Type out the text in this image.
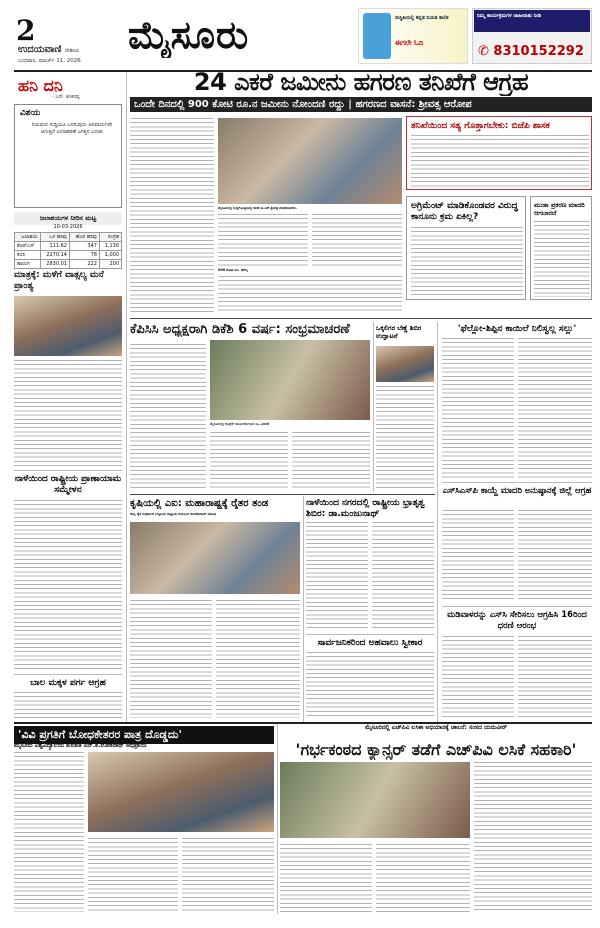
2
ಉದಯವಾಣಿ ದೇಶೀಯ
ಬುಧವಾರ, ಮಾರ್ಚ್ 11, 2026
ಮೈಸೂರು	ಸುಸ್ಥಿತಿಯಲ್ಲಿ ಕನ್ನಡ ನಿಯತ ಕಾಲಿಕ
ಈಗಲೇ ಓದಿ
ನಿಮ್ಮ ಕಾರ್ಯಕ್ರಮಗಳ ಜಾಹೀರಾತು ನೀಡಿ
✆ 8310152292
ಹನಿ ದನಿ
- ಎನ್. ಶಂಕರಪ್ಪ
ವಿಶಯ
ನಿಯಮದ ಸುದ್ದಿಯೂ ಬಳಸುವುದು ಅನಿವಾರ್ಯವೇ ಆಗುತ್ತಿದೆ ಉದಾಹರಣೆ ಜಗತ್ತಿನ ಬದುಕು
ಜಲಾಶಯಗಳ ನೀರಿನ ಮಟ್ಟ
10-03-2026
ಜಲಾಶಯ	ಒಳ ಹರಿವು	ಹೊರ ಹರಿವು	ಸಂಗ್ರಹ
ಕೆಆರ್‌ಎಸ್	111.62	347	1,130
ಕಬಿನಿ	2270.14	78	1,000
ಹಾರಂಗಿ	2830.01	222	200
ಮಾತ್ರಕ್ಕೆ: ಮಳೆಗೆ ವಾತ್ಸಲ್ಯ ಮನೆ ಪ್ರಾಂತ್ಯ
ನಾಳೆಯಿಂದ ರಾಷ್ಟ್ರೀಯ ಪ್ರಾಣಾಯಾಮ ಸಮ್ಮೇಳನ
ಬಾಲ ಮಕ್ಕಳ ಪರ್ಗ ಆಗ್ರಹ
24 ಎಕರೆ ಜಮೀನು ಹಗರಣ ತನಿಖೆಗೆ ಆಗ್ರಹ
ಒಂದೇ ದಿನದಲ್ಲಿ 900 ಕೋಟಿ ರೂ.ನ ಜಮೀನು ನೋಂದಣಿ ರದ್ದು | ಹಗರಣದ ವಾಸನೆ: ಶ್ರೀವತ್ಸ ಆರೋಪ
ಮೈಸೂರಿನಲ್ಲಿ ಸುದ್ದಿಗೋಷ್ಠಿಯಲ್ಲಿ ಶಾಸಕ ಟಿ.ಎಸ್.ಶ್ರೀವತ್ಸ ಮಾತನಾಡಿದರು.
900 ಕೋಟಿ ರೂ. ಮೌಲ್ಯ
ತನಿಖೆಯಿಂದ ಸತ್ಯ ಗೊತ್ತಾಗಬೇಕು: ಬಿಜೆಪಿ ಶಾಸಕ
ಅಗ್ರಿಮೆಂಟ್ ಮಾಡಿಕೊಂಡವರ ವಿರುದ್ಧ ಕಾನೂನು ಕ್ರಮ ಏಕಿಲ್ಲ?
ಮುಡಾ ಪ್ರಕರಣ ಮಾದರಿ ಆಗಬಾರದೆ
ಕೆಪಿಸಿಸಿ ಅಧ್ಯಕ್ಷರಾಗಿ ಡಿಕೆಶಿ 6 ವರ್ಷ: ಸಂಭ್ರಮಾಚರಣೆ
ಮೈಸೂರಿನಲ್ಲಿ ಕಾಂಗ್ರೆಸ್ ಕಾರ್ಯಕರ್ತರಿಂದ ಸಿಹಿ ವಿತರಣೆ
ಒಕ್ಕಲಿಗರ ಬೆಣ್ಣೆ ಶಿಬಿರ ಉದ್ಘಾಟನೆ
'ಫೆಲ್ಲೋ-ಶಿಪ್ಪಿನ ಕಾಯಿಲೆ ನಿಲಿಸ್ವಲ್ಲ ಸಲ್ಲು'
ಎಸ್‌ಸಿಎಸ್‌ಪಿ ಕಾಯ್ದೆ ಮಾದರಿ ಅನುಷ್ಠಾನಕ್ಕೆ ಜಿಲ್ಲೆ ಆಗ್ರಹ
ಮಡಿವಾಳರನ್ನು ಎಸ್‌ಸಿ ಸೇರಿಸಲು ಆಗ್ರಹಿಸಿ 16ರಿಂದ ಧರಣಿ ಆರಂಭ
ಕೃಷಿಯಲ್ಲಿ ಎಐ: ಮಹಾರಾಷ್ಟ್ರಕ್ಕೆ ರೈತರ ತಂಡ
ರಾಜ್ಯ ರೈತ ಸಂಘದಿಂದ ಒಕ್ಕೂಟದ ರಾಷ್ಟ್ರೀಯ ಕುರುಬುರ ಶಾಂತಕುಮಾರ್ ಮಾಹಿತಿ
ನಾಳೆಯಿಂದ ನಗರದಲ್ಲಿ ರಾಷ್ಟ್ರೀಯ ಭ್ರಾತೃತ್ವ ಶಿಬಿರ: ಡಾ.ಮಂಜುನಾಥ್
ಸಾರ್ವಜನಿಕರಿಂದ ಅಹವಾಲು ಸ್ವೀಕಾರ
'ವಿವಿ ಪ್ರಗತಿಗೆ ಬೋಧಕೇತರರ ಪಾತ್ರ ದೊಡ್ಡದು'
ಮೈಸೂರು ವಿಶ್ವವಿದ್ಯಾಲಯ ಕುಲಪತಿ ಎನ್.ಕೆ.ಲೋಕನಾಥ್ ಅಭಿಪ್ರಾಯ
ಮೈಸೂರಿನಲ್ಲಿ ಎಚ್‌ಪಿವಿ ಲಸಿಕಾ ಅಭಿಯಾನಕ್ಕೆ ಚಾಲನೆ: ಸಂಸದ ಯದುವೀರ್
'ಗರ್ಭಕಂಠದ ಕ್ಯಾನ್ಸರ್ ತಡೆಗೆ ಎಚ್‌ಪಿವಿ ಲಸಿಕೆ ಸಹಕಾರಿ'
